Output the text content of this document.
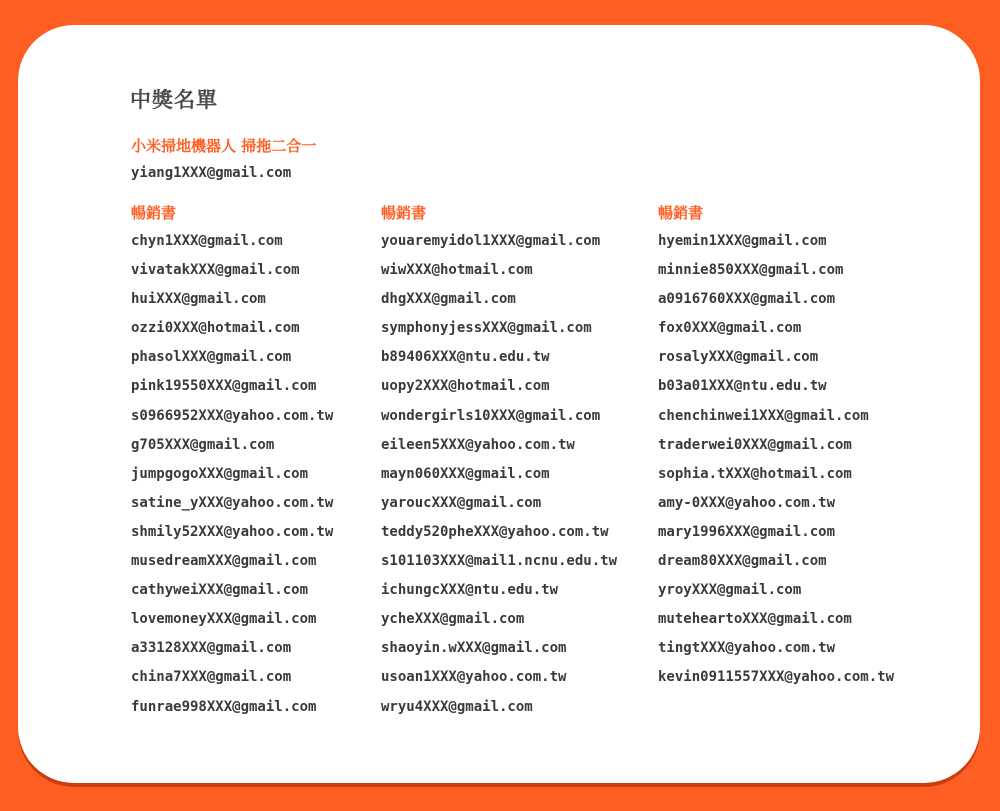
中獎名單
小米掃地機器人 掃拖二合一
yiang1XXX@gmail.com
暢銷書
chyn1XXX@gmail.com
vivatakXXX@gmail.com
huiXXX@gmail.com
ozzi0XXX@hotmail.com
phasolXXX@gmail.com
pink19550XXX@gmail.com
s0966952XXX@yahoo.com.tw
g705XXX@gmail.com
jumpgogoXXX@gmail.com
satine_yXXX@yahoo.com.tw
shmily52XXX@yahoo.com.tw
musedreamXXX@gmail.com
cathyweiXXX@gmail.com
lovemoneyXXX@gmail.com
a33128XXX@gmail.com
china7XXX@gmail.com
funrae998XXX@gmail.com
暢銷書
youaremyidol1XXX@gmail.com
wiwXXX@hotmail.com
dhgXXX@gmail.com
symphonyjessXXX@gmail.com
b89406XXX@ntu.edu.tw
uopy2XXX@hotmail.com
wondergirls10XXX@gmail.com
eileen5XXX@yahoo.com.tw
mayn060XXX@gmail.com
yaroucXXX@gmail.com
teddy520pheXXX@yahoo.com.tw
s101103XXX@mail1.ncnu.edu.tw
ichungcXXX@ntu.edu.tw
ycheXXX@gmail.com
shaoyin.wXXX@gmail.com
usoan1XXX@yahoo.com.tw
wryu4XXX@gmail.com
暢銷書
hyemin1XXX@gmail.com
minnie850XXX@gmail.com
a0916760XXX@gmail.com
fox0XXX@gmail.com
rosalyXXX@gmail.com
b03a01XXX@ntu.edu.tw
chenchinwei1XXX@gmail.com
traderwei0XXX@gmail.com
sophia.tXXX@hotmail.com
amy-0XXX@yahoo.com.tw
mary1996XXX@gmail.com
dream80XXX@gmail.com
yroyXXX@gmail.com
muteheartoXXX@gmail.com
tingtXXX@yahoo.com.tw
kevin0911557XXX@yahoo.com.tw
